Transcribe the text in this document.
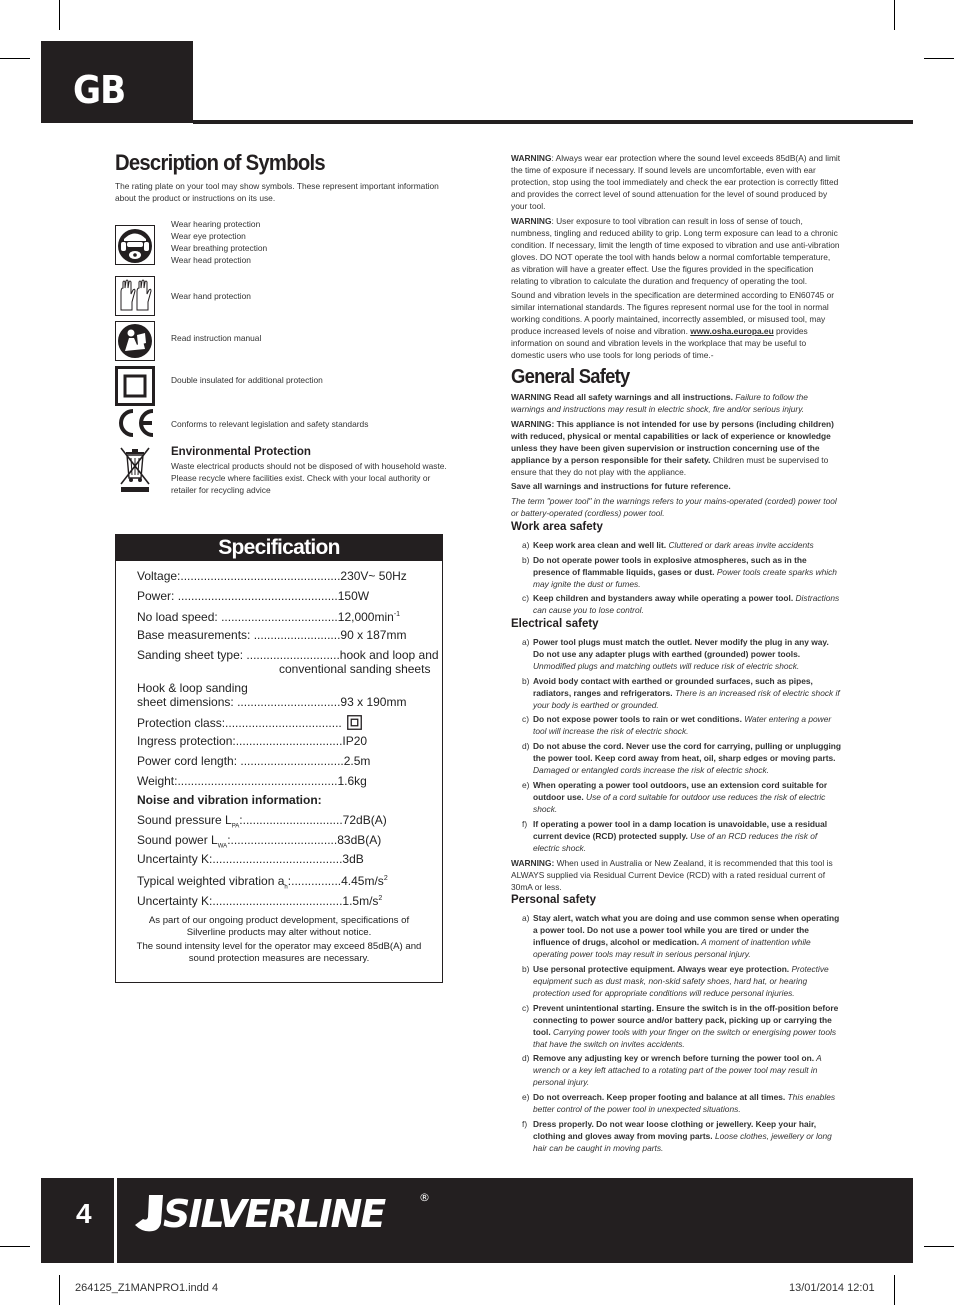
GB
Description of Symbols
The rating plate on your tool may show symbols. These represent important information
about the product or instructions on its use.
Wear hearing protection
Wear eye protection
Wear breathing protection
Wear head protection
Wear hand protection
Read instruction manual
Double insulated for additional protection
Conforms to relevant legislation and safety standards
Environmental Protection
Waste electrical products should not be disposed of with household waste.
Please recycle where facilities exist. Check with your local authority or
retailer for recycling advice
Specification
Voltage:................................................230V~ 50Hz
Power: ................................................150W
No load speed: $...................................12,000\min^{-1}$
Base measurements: ..........................90 x 187mm
Sanding sheet type: ............................hook and loop and
conventional sanding sheets
Hook & loop sanding
sheet dimensions: ...............................93 x 190mm
Protection class:...................................
Ingress protection:................................IP20
Power cord length: ...............................2.5m
Weight:................................................1.6kg
Noise and vibration information:
Sound pressure $L_{PA}:..............................72dB(A)$
Sound power $L_{WA}:................................83dB(A)$
Uncertainty K:.......................................3dB
Typical weighted vibration $a_h:...............4.45m/s^2$
Uncertainty $K:.......................................1.5m/s^2$
As part of our ongoing product development, specifications of Silverline products may alter without notice.
The sound intensity level for the operator may exceed 85dB(A) and sound protection measures are necessary.
WARNING: Always wear ear protection where the sound level exceeds 85dB(A) and limit the time of exposure if necessary. If sound levels are uncomfortable, even with ear protection, stop using the tool immediately and check the ear protection is correctly fitted and provides the correct level of sound attenuation for the level of sound produced by your tool.
WARNING: User exposure to tool vibration can result in loss of sense of touch, numbness, tingling and reduced ability to grip. Long term exposure can lead to a chronic condition. If necessary, limit the length of time exposed to vibration and use anti-vibration gloves. DO NOT operate the tool with hands below a normal comfortable temperature, as vibration will have a greater effect. Use the figures provided in the specification relating to vibration to calculate the duration and frequency of operating the tool.
Sound and vibration levels in the specification are determined according to EN60745 or similar international standards. The figures represent normal use for the tool in normal working conditions. A poorly maintained, incorrectly assembled, or misused tool, may produce increased levels of noise and vibration. www.osha.europa.eu provides information on sound and vibration levels in the workplace that may be useful to domestic users who use tools for long periods of time.-
General Safety
WARNING Read all safety warnings and all instructions. Failure to follow the warnings and instructions may result in electric shock, fire and/or serious injury.
WARNING: This appliance is not intended for use by persons (including children) with reduced, physical or mental capabilities or lack of experience or knowledge unless they have been given supervision or instruction concerning use of the appliance by a person responsible for their safety. Children must be supervised to ensure that they do not play with the appliance.
Save all warnings and instructions for future reference.
The term "power tool" in the warnings refers to your mains-operated (corded) power tool or battery-operated (cordless) power tool.
Work area safety
a) Keep work area clean and well lit. Cluttered or dark areas invite accidents
b) Do not operate power tools in explosive atmospheres, such as in the presence of flammable liquids, gases or dust. Power tools create sparks which may ignite the dust or fumes.
c) Keep children and bystanders away while operating a power tool. Distractions can cause you to lose control.
Electrical safety
a) Power tool plugs must match the outlet. Never modify the plug in any way. Do not use any adapter plugs with earthed (grounded) power tools. Unmodified plugs and matching outlets will reduce risk of electric shock.
b) Avoid body contact with earthed or grounded surfaces, such as pipes, radiators, ranges and refrigerators. There is an increased risk of electric shock if your body is earthed or grounded.
c) Do not expose power tools to rain or wet conditions. Water entering a power tool will increase the risk of electric shock.
d) Do not abuse the cord. Never use the cord for carrying, pulling or unplugging the power tool. Keep cord away from heat, oil, sharp edges or moving parts. Damaged or entangled cords increase the risk of electric shock.
e) When operating a power tool outdoors, use an extension cord suitable for outdoor use. Use of a cord suitable for outdoor use reduces the risk of electric shock.
f) If operating a power tool in a damp location is unavoidable, use a residual current device (RCD) protected supply. Use of an RCD reduces the risk of electric shock.
WARNING: When used in Australia or New Zealand, it is recommended that this tool is ALWAYS supplied via Residual Current Device (RCD) with a rated residual current of 30mA or less.
Personal safety
a) Stay alert, watch what you are doing and use common sense when operating a power tool. Do not use a power tool while you are tired or under the influence of drugs, alcohol or medication. A moment of inattention while operating power tools may result in serious personal injury.
b) Use personal protective equipment. Always wear eye protection. Protective equipment such as dust mask, non-skid safety shoes, hard hat, or hearing protection used for appropriate conditions will reduce personal injuries.
c) Prevent unintentional starting. Ensure the switch is in the off-position before connecting to power source and/or battery pack, picking up or carrying the tool. Carrying power tools with your finger on the switch or energising power tools that have the switch on invites accidents.
d) Remove any adjusting key or wrench before turning the power tool on. A wrench or a key left attached to a rotating part of the power tool may result in personal injury.
e) Do not overreach. Keep proper footing and balance at all times. This enables better control of the power tool in unexpected situations.
f) Dress properly. Do not wear loose clothing or jewellery. Keep your hair, clothing and gloves away from moving parts. Loose clothes, jewellery or long hair can be caught in moving parts.
4 SILVERLINE	®
264125_Z1MANPRO1.indd 4	13/01/2014 12:01
